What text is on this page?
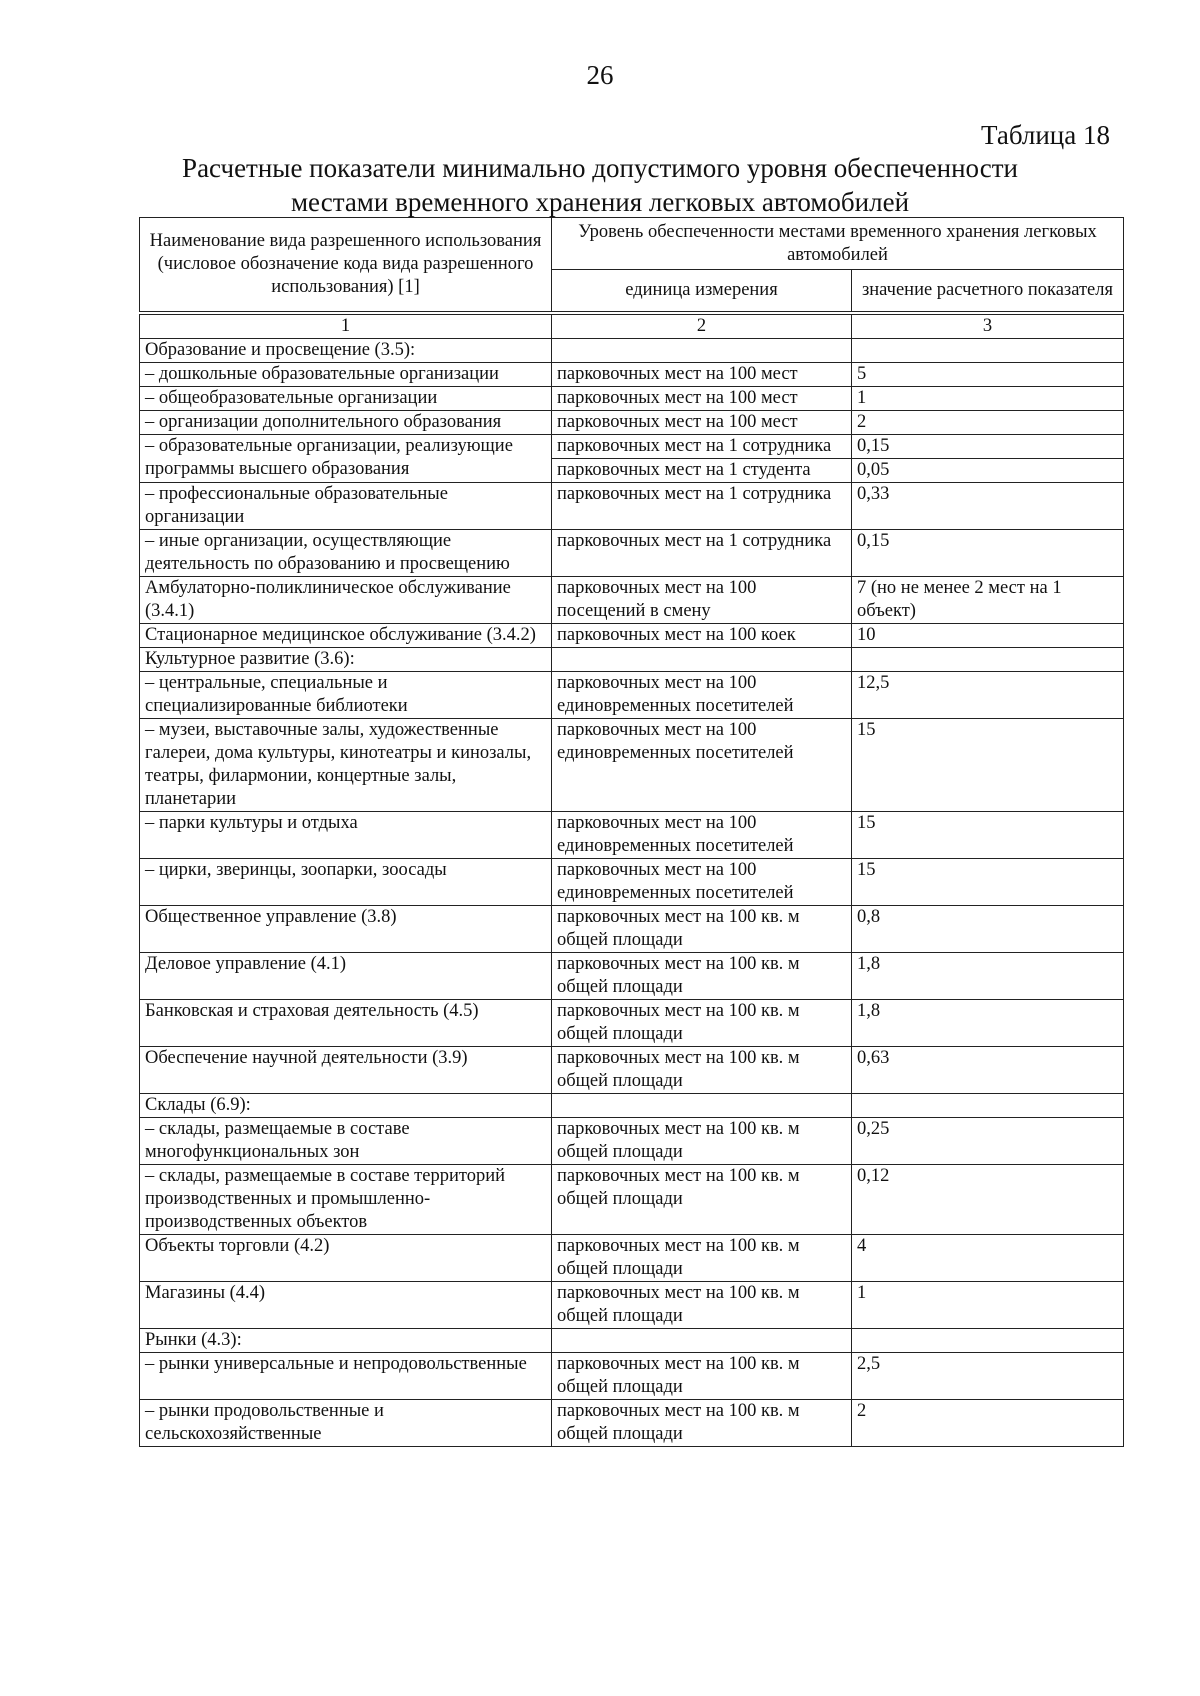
26
Таблица 18
Расчетные показатели минимально допустимого уровня обеспеченности
местами временного хранения легковых автомобилей
Наименование вида разрешенного использования (числовое обозначение кода вида разрешенного использования) [1]	Уровень обеспеченности местами временного хранения легковых автомобилей	
	единица измерения	значение расчетного показателя
1	2	3
Образование и просвещение (3.5):		
– дошкольные образовательные организации	парковочных мест на 100 мест	5
– общеобразовательные организации	парковочных мест на 100 мест	1
– организации дополнительного образования	парковочных мест на 100 мест	2
– образовательные организации, реализующие программы высшего образования	парковочных мест на 1 сотрудника	0,15
	парковочных мест на 1 студента	0,05
– профессиональные образовательные организации	парковочных мест на 1 сотрудника	0,33
– иные организации, осуществляющие деятельность по образованию и просвещению	парковочных мест на 1 сотрудника	0,15
Амбулаторно-поликлиническое обслуживание (3.4.1)	парковочных мест на 100 посещений в смену	7 (но не менее 2 мест на 1 объект)
Стационарное медицинское обслуживание (3.4.2)	парковочных мест на 100 коек	10
Культурное развитие (3.6):		
– центральные, специальные и специализированные библиотеки	парковочных мест на 100 единовременных посетителей	12,5
– музеи, выставочные залы, художественные галереи, дома культуры, кинотеатры и кинозалы, театры, филармонии, концертные залы, планетарии	парковочных мест на 100 единовременных посетителей	15
– парки культуры и отдыха	парковочных мест на 100 единовременных посетителей	15
– цирки, зверинцы, зоопарки, зоосады	парковочных мест на 100 единовременных посетителей	15
Общественное управление (3.8)	парковочных мест на 100 кв. м общей площади	0,8
Деловое управление (4.1)	парковочных мест на 100 кв. м общей площади	1,8
Банковская и страховая деятельность (4.5)	парковочных мест на 100 кв. м общей площади	1,8
Обеспечение научной деятельности (3.9)	парковочных мест на 100 кв. м общей площади	0,63
Склады (6.9):		
– склады, размещаемые в составе многофункциональных зон	парковочных мест на 100 кв. м общей площади	0,25
– склады, размещаемые в составе территорий производственных и промышленно-производственных объектов	парковочных мест на 100 кв. м общей площади	0,12
Объекты торговли (4.2)	парковочных мест на 100 кв. м общей площади	4
Магазины (4.4)	парковочных мест на 100 кв. м общей площади	1
Рынки (4.3):		
– рынки универсальные и непродовольственные	парковочных мест на 100 кв. м общей площади	2,5
– рынки продовольственные и сельскохозяйственные	парковочных мест на 100 кв. м общей площади	2
